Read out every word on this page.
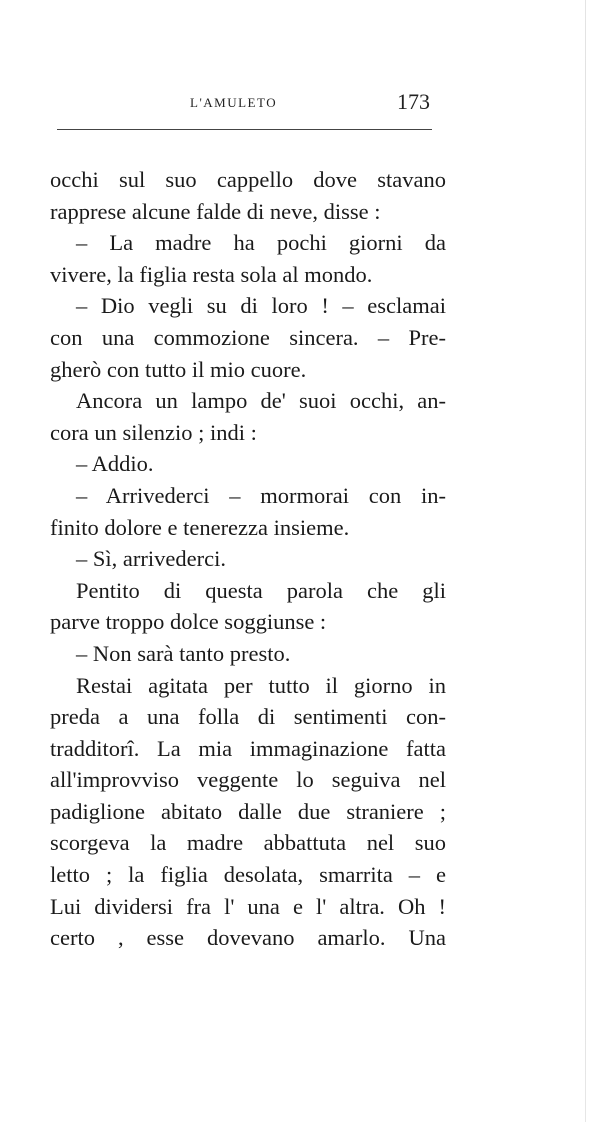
L'AMULETO	173
occhi sul suo cappello dove stavano
rapprese alcune falde di neve, disse :
– La madre ha pochi giorni da
vivere, la figlia resta sola al mondo.
– Dio vegli su di loro ! – esclamai
con una commozione sincera. – Pre-
gherò con tutto il mio cuore.
Ancora un lampo de' suoi occhi, an-
cora un silenzio ; indi :
– Addio.
– Arrivederci – mormorai con in-
finito dolore e tenerezza insieme.
– Sì, arrivederci.
Pentito di questa parola che gli
parve troppo dolce soggiunse :
– Non sarà tanto presto.
Restai agitata per tutto il giorno in
preda a una folla di sentimenti con-
tradditorî. La mia immaginazione fatta
all'improvviso veggente lo seguiva nel
padiglione abitato dalle due straniere ;
scorgeva la madre abbattuta nel suo
letto ; la figlia desolata, smarrita – e
Lui dividersi fra l' una e l' altra. Oh !
certo , esse dovevano amarlo. Una
